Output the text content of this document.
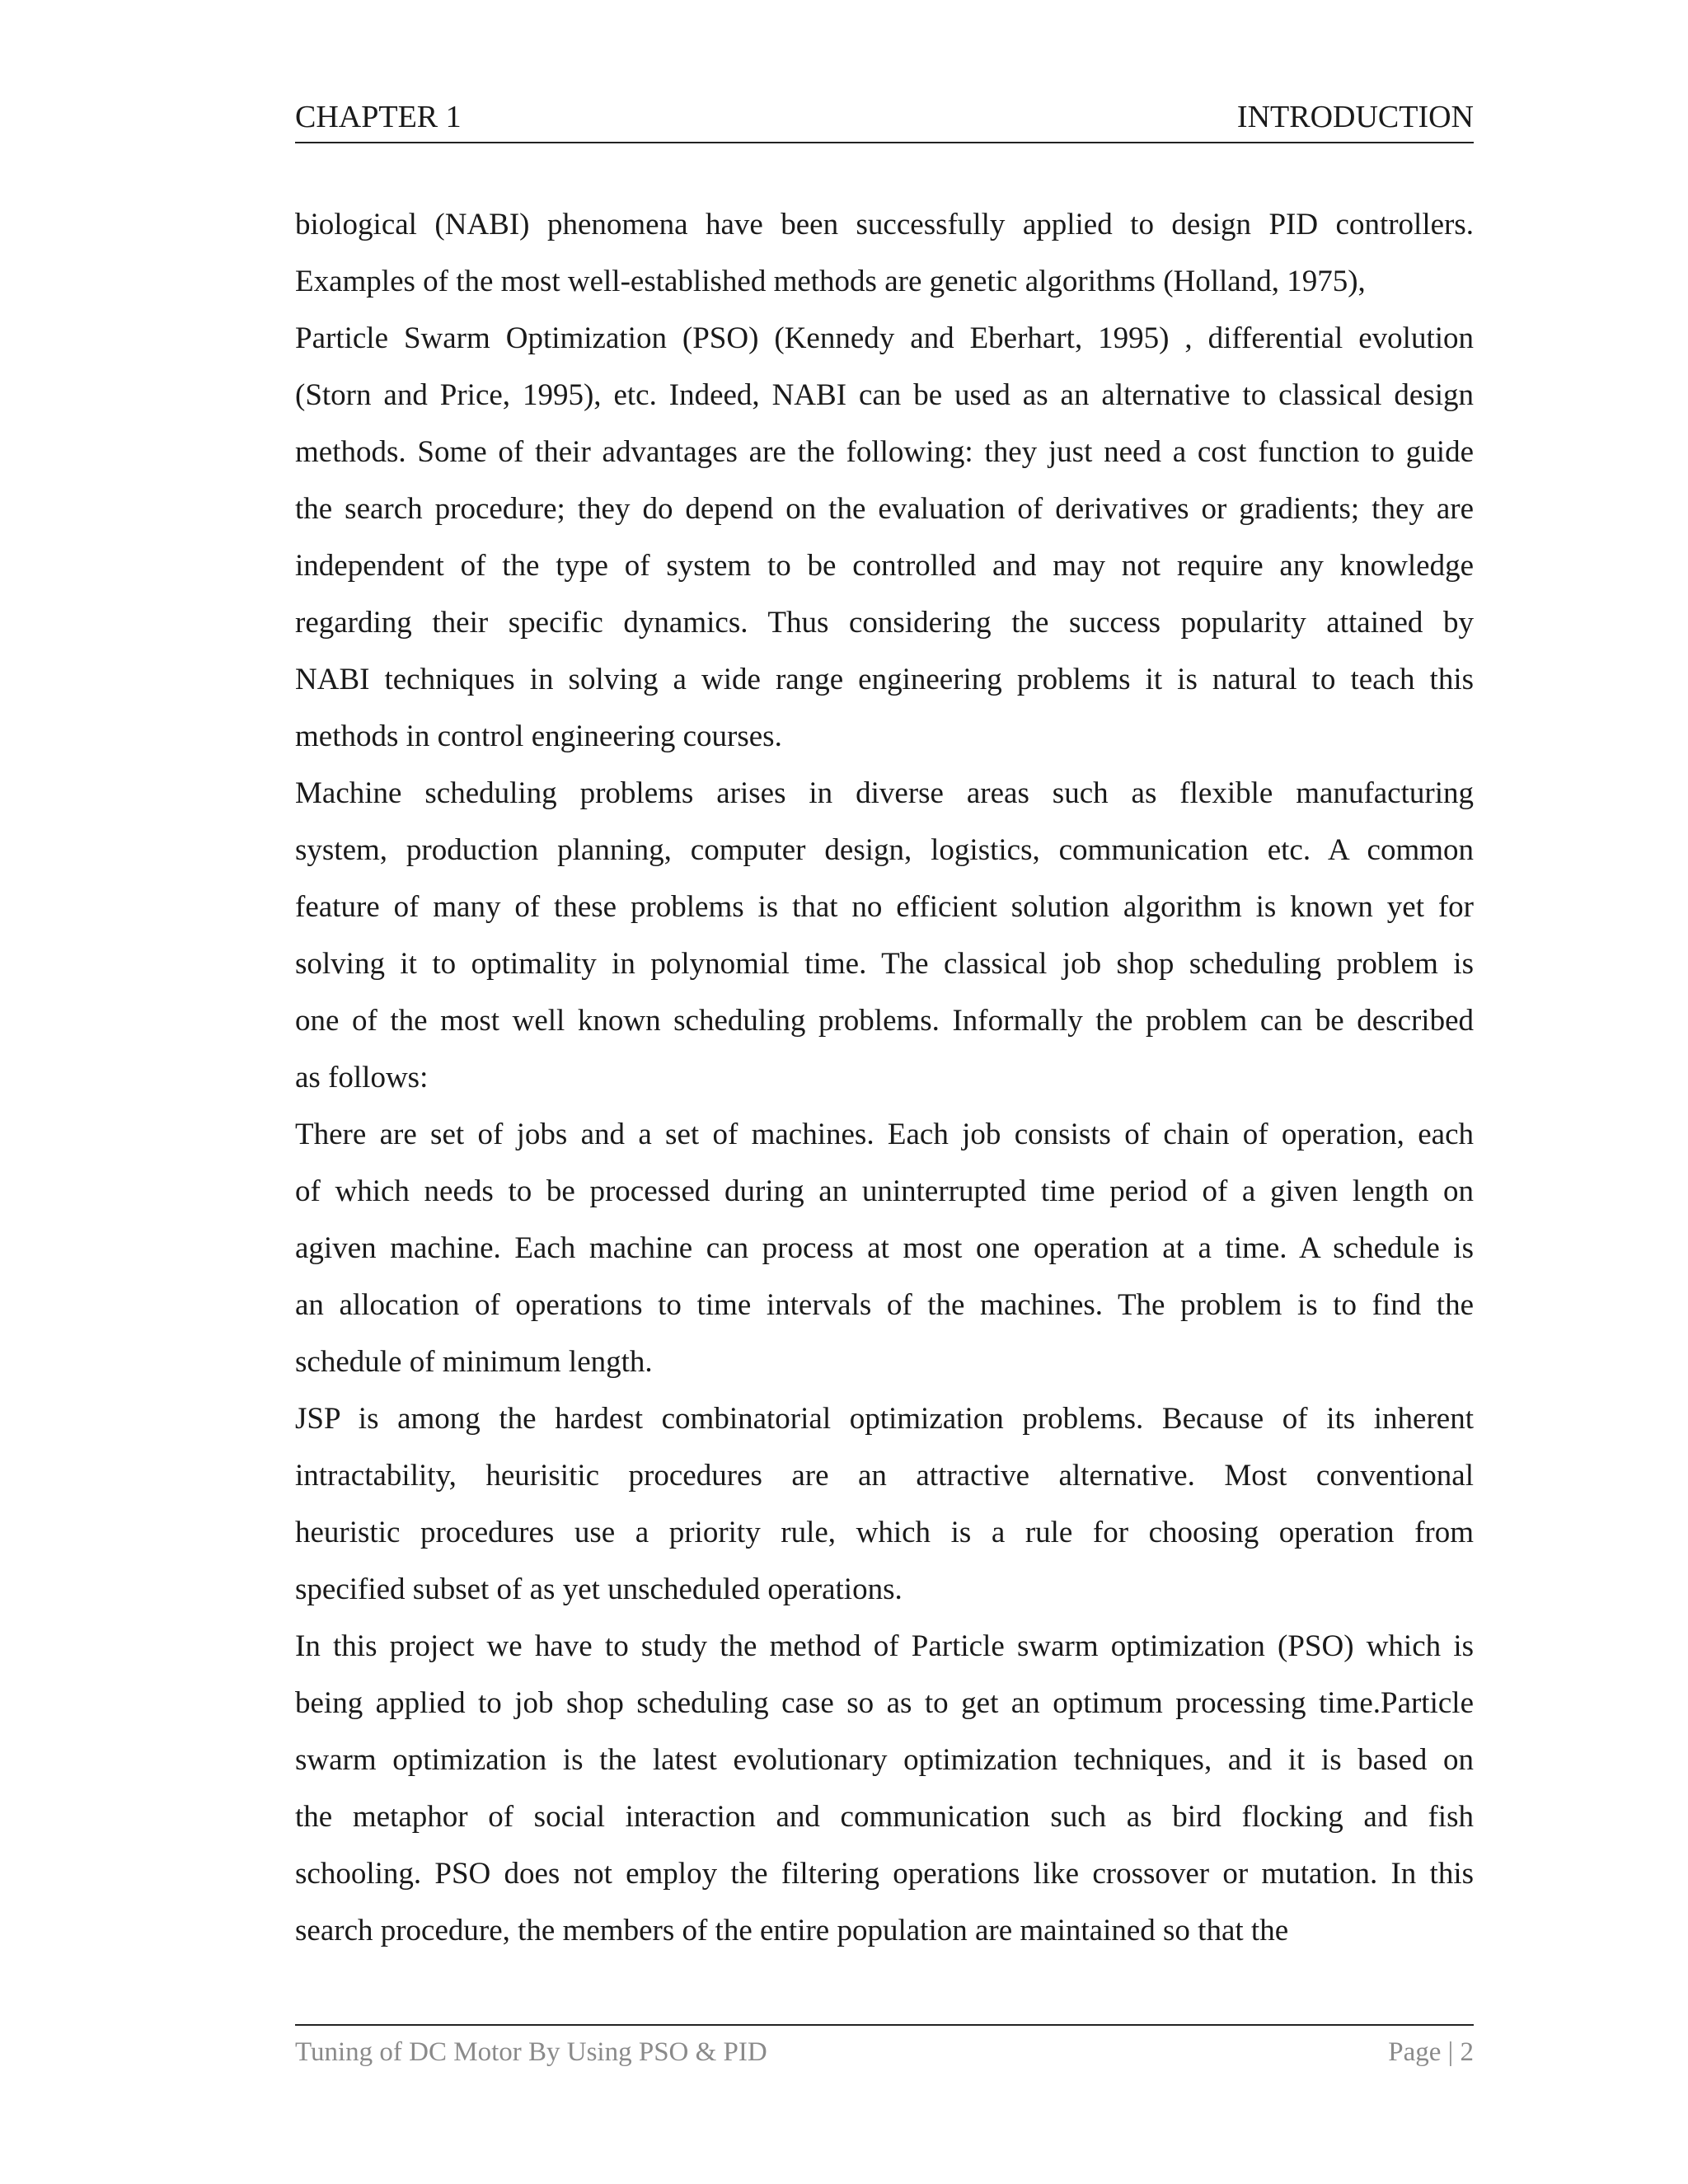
CHAPTER 1	INTRODUCTION
biological (NABI) phenomena have been successfully applied to design PID controllers.
Examples of the most well-established methods are genetic algorithms (Holland, 1975),
Particle Swarm Optimization (PSO) (Kennedy and Eberhart, 1995) , differential evolution
(Storn and Price, 1995), etc. Indeed, NABI can be used as an alternative to classical design
methods. Some of their advantages are the following: they just need a cost function to guide
the search procedure; they do depend on the evaluation of derivatives or gradients; they are
independent of the type of system to be controlled and may not require any knowledge
regarding their specific dynamics. Thus considering the success popularity attained by
NABI techniques in solving a wide range engineering problems it is natural to teach this
methods in control engineering courses.
Machine scheduling problems arises in diverse areas such as flexible manufacturing
system, production planning, computer design, logistics, communication etc. A common
feature of many of these problems is that no efficient solution algorithm is known yet for
solving it to optimality in polynomial time. The classical job shop scheduling problem is
one of the most well known scheduling problems. Informally the problem can be described
as follows:
There are set of jobs and a set of machines. Each job consists of chain of operation, each
of which needs to be processed during an uninterrupted time period of a given length on
agiven machine. Each machine can process at most one operation at a time. A schedule is
an allocation of operations to time intervals of the machines. The problem is to find the
schedule of minimum length.
JSP is among the hardest combinatorial optimization problems. Because of its inherent
intractability, heurisitic procedures are an attractive alternative. Most conventional
heuristic procedures use a priority rule, which is a rule for choosing operation from
specified subset of as yet unscheduled operations.
In this project we have to study the method of Particle swarm optimization (PSO) which is
being applied to job shop scheduling case so as to get an optimum processing time.Particle
swarm optimization is the latest evolutionary optimization techniques, and it is based on
the metaphor of social interaction and communication such as bird flocking and fish
schooling. PSO does not employ the filtering operations like crossover or mutation. In this
search procedure, the members of the entire population are maintained so that the
Tuning of DC Motor By Using PSO & PID	Page | 2
